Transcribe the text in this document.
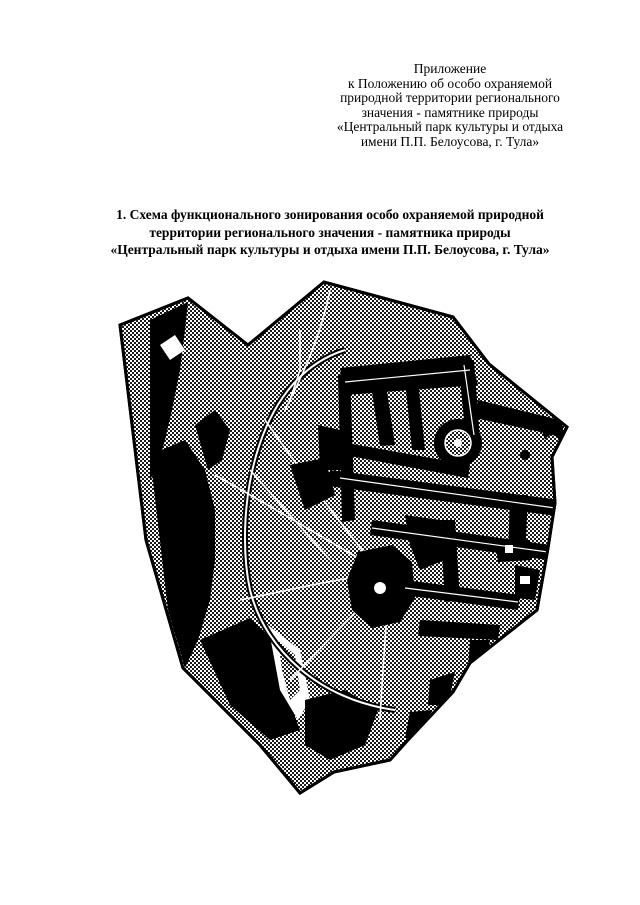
Приложение
к Положению об особо охраняемой
природной территории регионального
значения - памятнике природы
«Центральный парк культуры и отдыха
имени П.П. Белоусова, г. Тула»
1. Схема функционального зонирования особо охраняемой природной
территории регионального значения - памятника природы
«Центральный парк культуры и отдыха имени П.П. Белоусова, г. Тула»
